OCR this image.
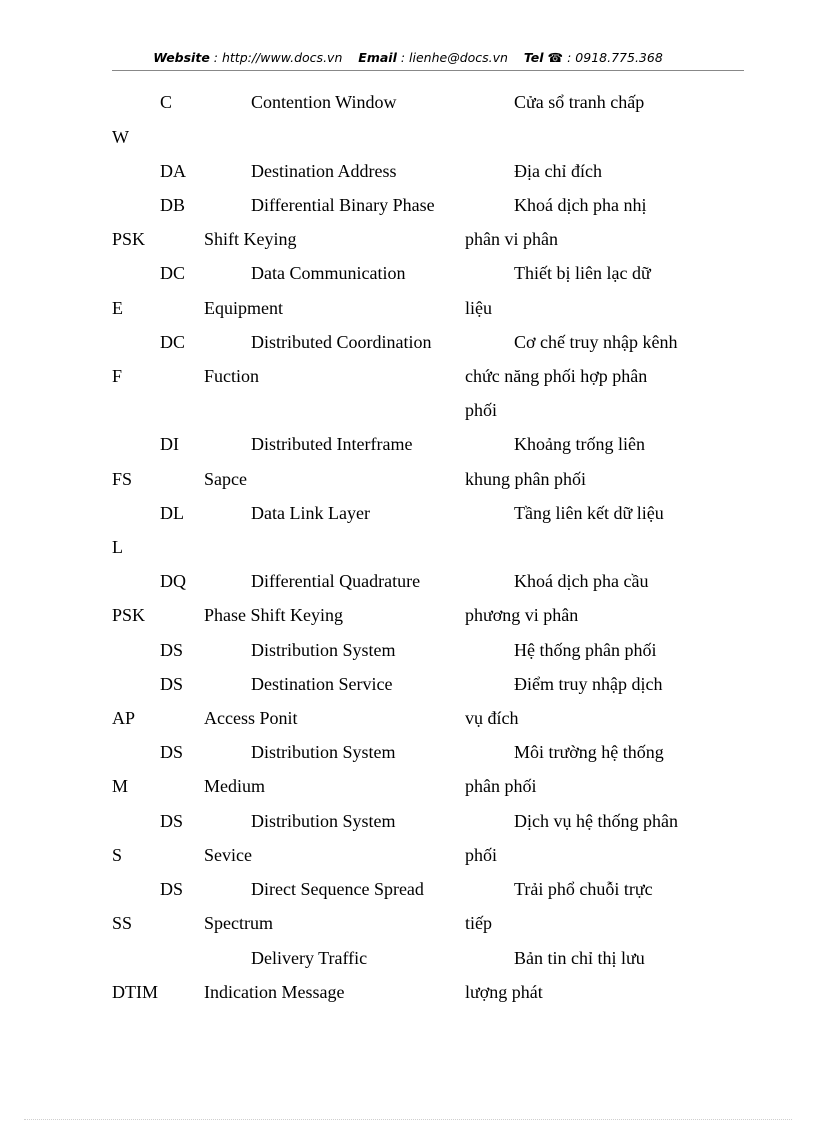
Website : http://www.docs.vn Email : lienhe@docs.vn Tel ☎ : 0918.775.368
C	Contention Window	Cửa sổ tranh chấp
W
DA	Destination Address	Địa chỉ đích
DB	Differential Binary Phase	Khoá dịch pha nhị
PSK	Shift Keying	phân vi phân
DC	Data Communication	Thiết bị liên lạc dữ
E	Equipment	liệu
DC	Distributed Coordination	Cơ chế truy nhập kênh
F	Fuction	chức năng phối hợp phân
phối
DI	Distributed Interframe	Khoảng trống liên
FS	Sapce	khung phân phối
DL	Data Link Layer	Tầng liên kết dữ liệu
L
DQ	Differential Quadrature	Khoá dịch pha cầu
PSK	Phase Shift Keying	phương vi phân
DS	Distribution System	Hệ thống phân phối
DS	Destination Service	Điểm truy nhập dịch
AP	Access Ponit	vụ đích
DS	Distribution System	Môi trường hệ thống
M	Medium	phân phối
DS	Distribution System	Dịch vụ hệ thống phân
S	Sevice	phối
DS	Direct Sequence Spread	Trải phổ chuỗi trực
SS	Spectrum	tiếp
Delivery Traffic	Bản tin chỉ thị lưu
DTIM	Indication Message	lượng phát
